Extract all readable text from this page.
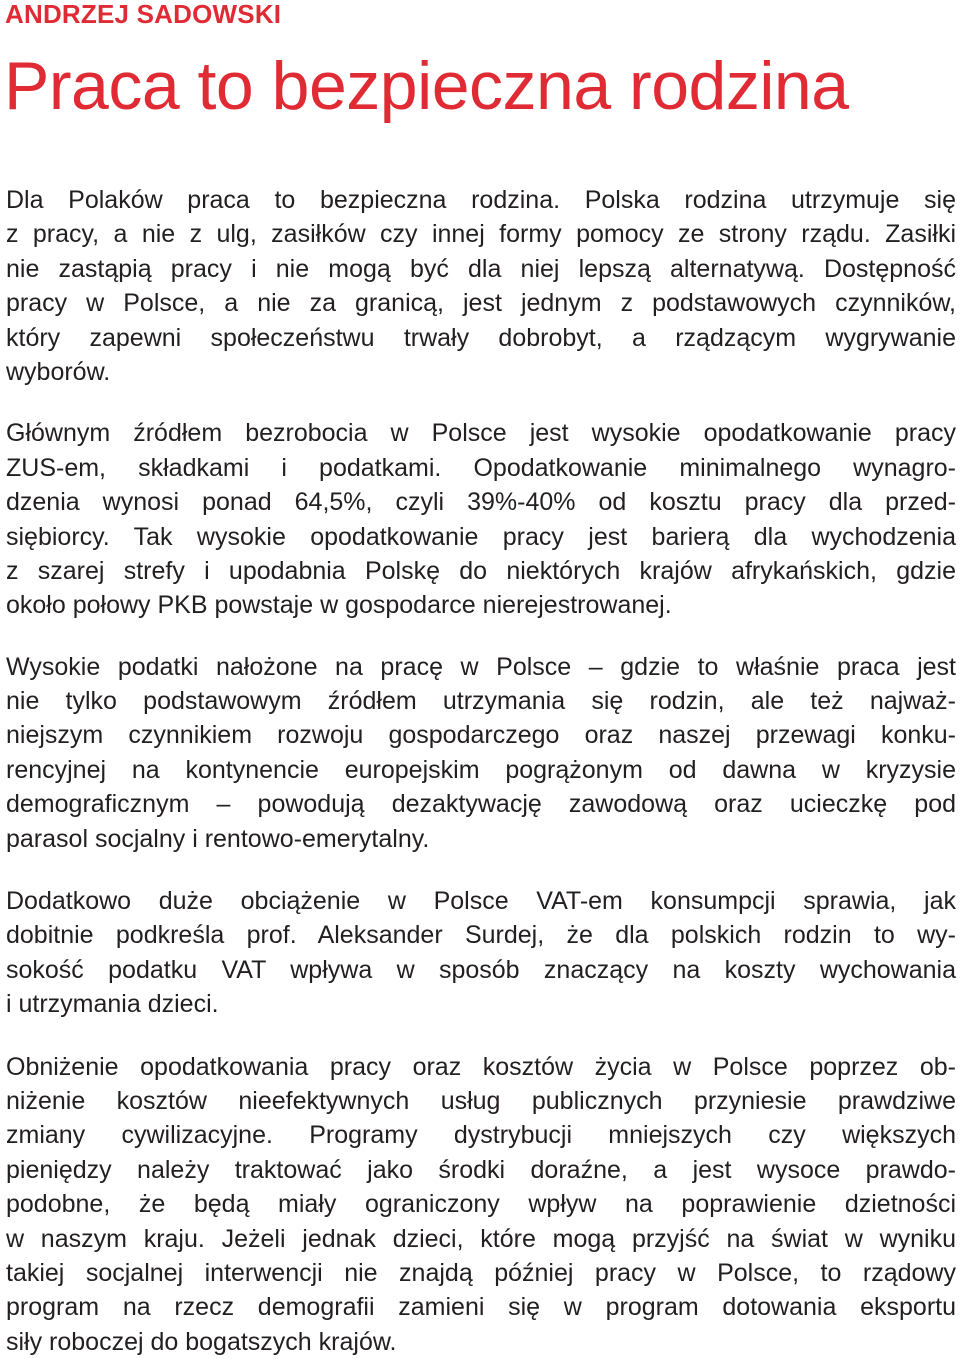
ANDRZEJ SADOWSKI
Praca to bezpieczna rodzina
Dla Polaków praca to bezpieczna rodzina. Polska rodzina utrzymuje się
z pracy, a nie z ulg, zasiłków czy innej formy pomocy ze strony rządu. Zasiłki
nie zastąpią pracy i nie mogą być dla niej lepszą alternatywą. Dostępność
pracy w Polsce, a nie za granicą, jest jednym z podstawowych czynników,
który zapewni społeczeństwu trwały dobrobyt, a rządzącym wygrywanie
wyborów.
Głównym źródłem bezrobocia w Polsce jest wysokie opodatkowanie pracy
ZUS-em, składkami i podatkami. Opodatkowanie minimalnego wynagro-
dzenia wynosi ponad 64,5%, czyli 39%-40% od kosztu pracy dla przed-
siębiorcy. Tak wysokie opodatkowanie pracy jest barierą dla wychodzenia
z szarej strefy i upodabnia Polskę do niektórych krajów afrykańskich, gdzie
około połowy PKB powstaje w gospodarce nierejestrowanej.
Wysokie podatki nałożone na pracę w Polsce – gdzie to właśnie praca jest
nie tylko podstawowym źródłem utrzymania się rodzin, ale też najważ-
niejszym czynnikiem rozwoju gospodarczego oraz naszej przewagi konku-
rencyjnej na kontynencie europejskim pogrążonym od dawna w kryzysie
demograficznym – powodują dezaktywację zawodową oraz ucieczkę pod
parasol socjalny i rentowo-emerytalny.
Dodatkowo duże obciążenie w Polsce VAT-em konsumpcji sprawia, jak
dobitnie podkreśla prof. Aleksander Surdej, że dla polskich rodzin to wy-
sokość podatku VAT wpływa w sposób znaczący na koszty wychowania
i utrzymania dzieci.
Obniżenie opodatkowania pracy oraz kosztów życia w Polsce poprzez ob-
niżenie kosztów nieefektywnych usług publicznych przyniesie prawdziwe
zmiany cywilizacyjne. Programy dystrybucji mniejszych czy większych
pieniędzy należy traktować jako środki doraźne, a jest wysoce prawdo-
podobne, że będą miały ograniczony wpływ na poprawienie dzietności
w naszym kraju. Jeżeli jednak dzieci, które mogą przyjść na świat w wyniku
takiej socjalnej interwencji nie znajdą później pracy w Polsce, to rządowy
program na rzecz demografii zamieni się w program dotowania eksportu
siły roboczej do bogatszych krajów.
